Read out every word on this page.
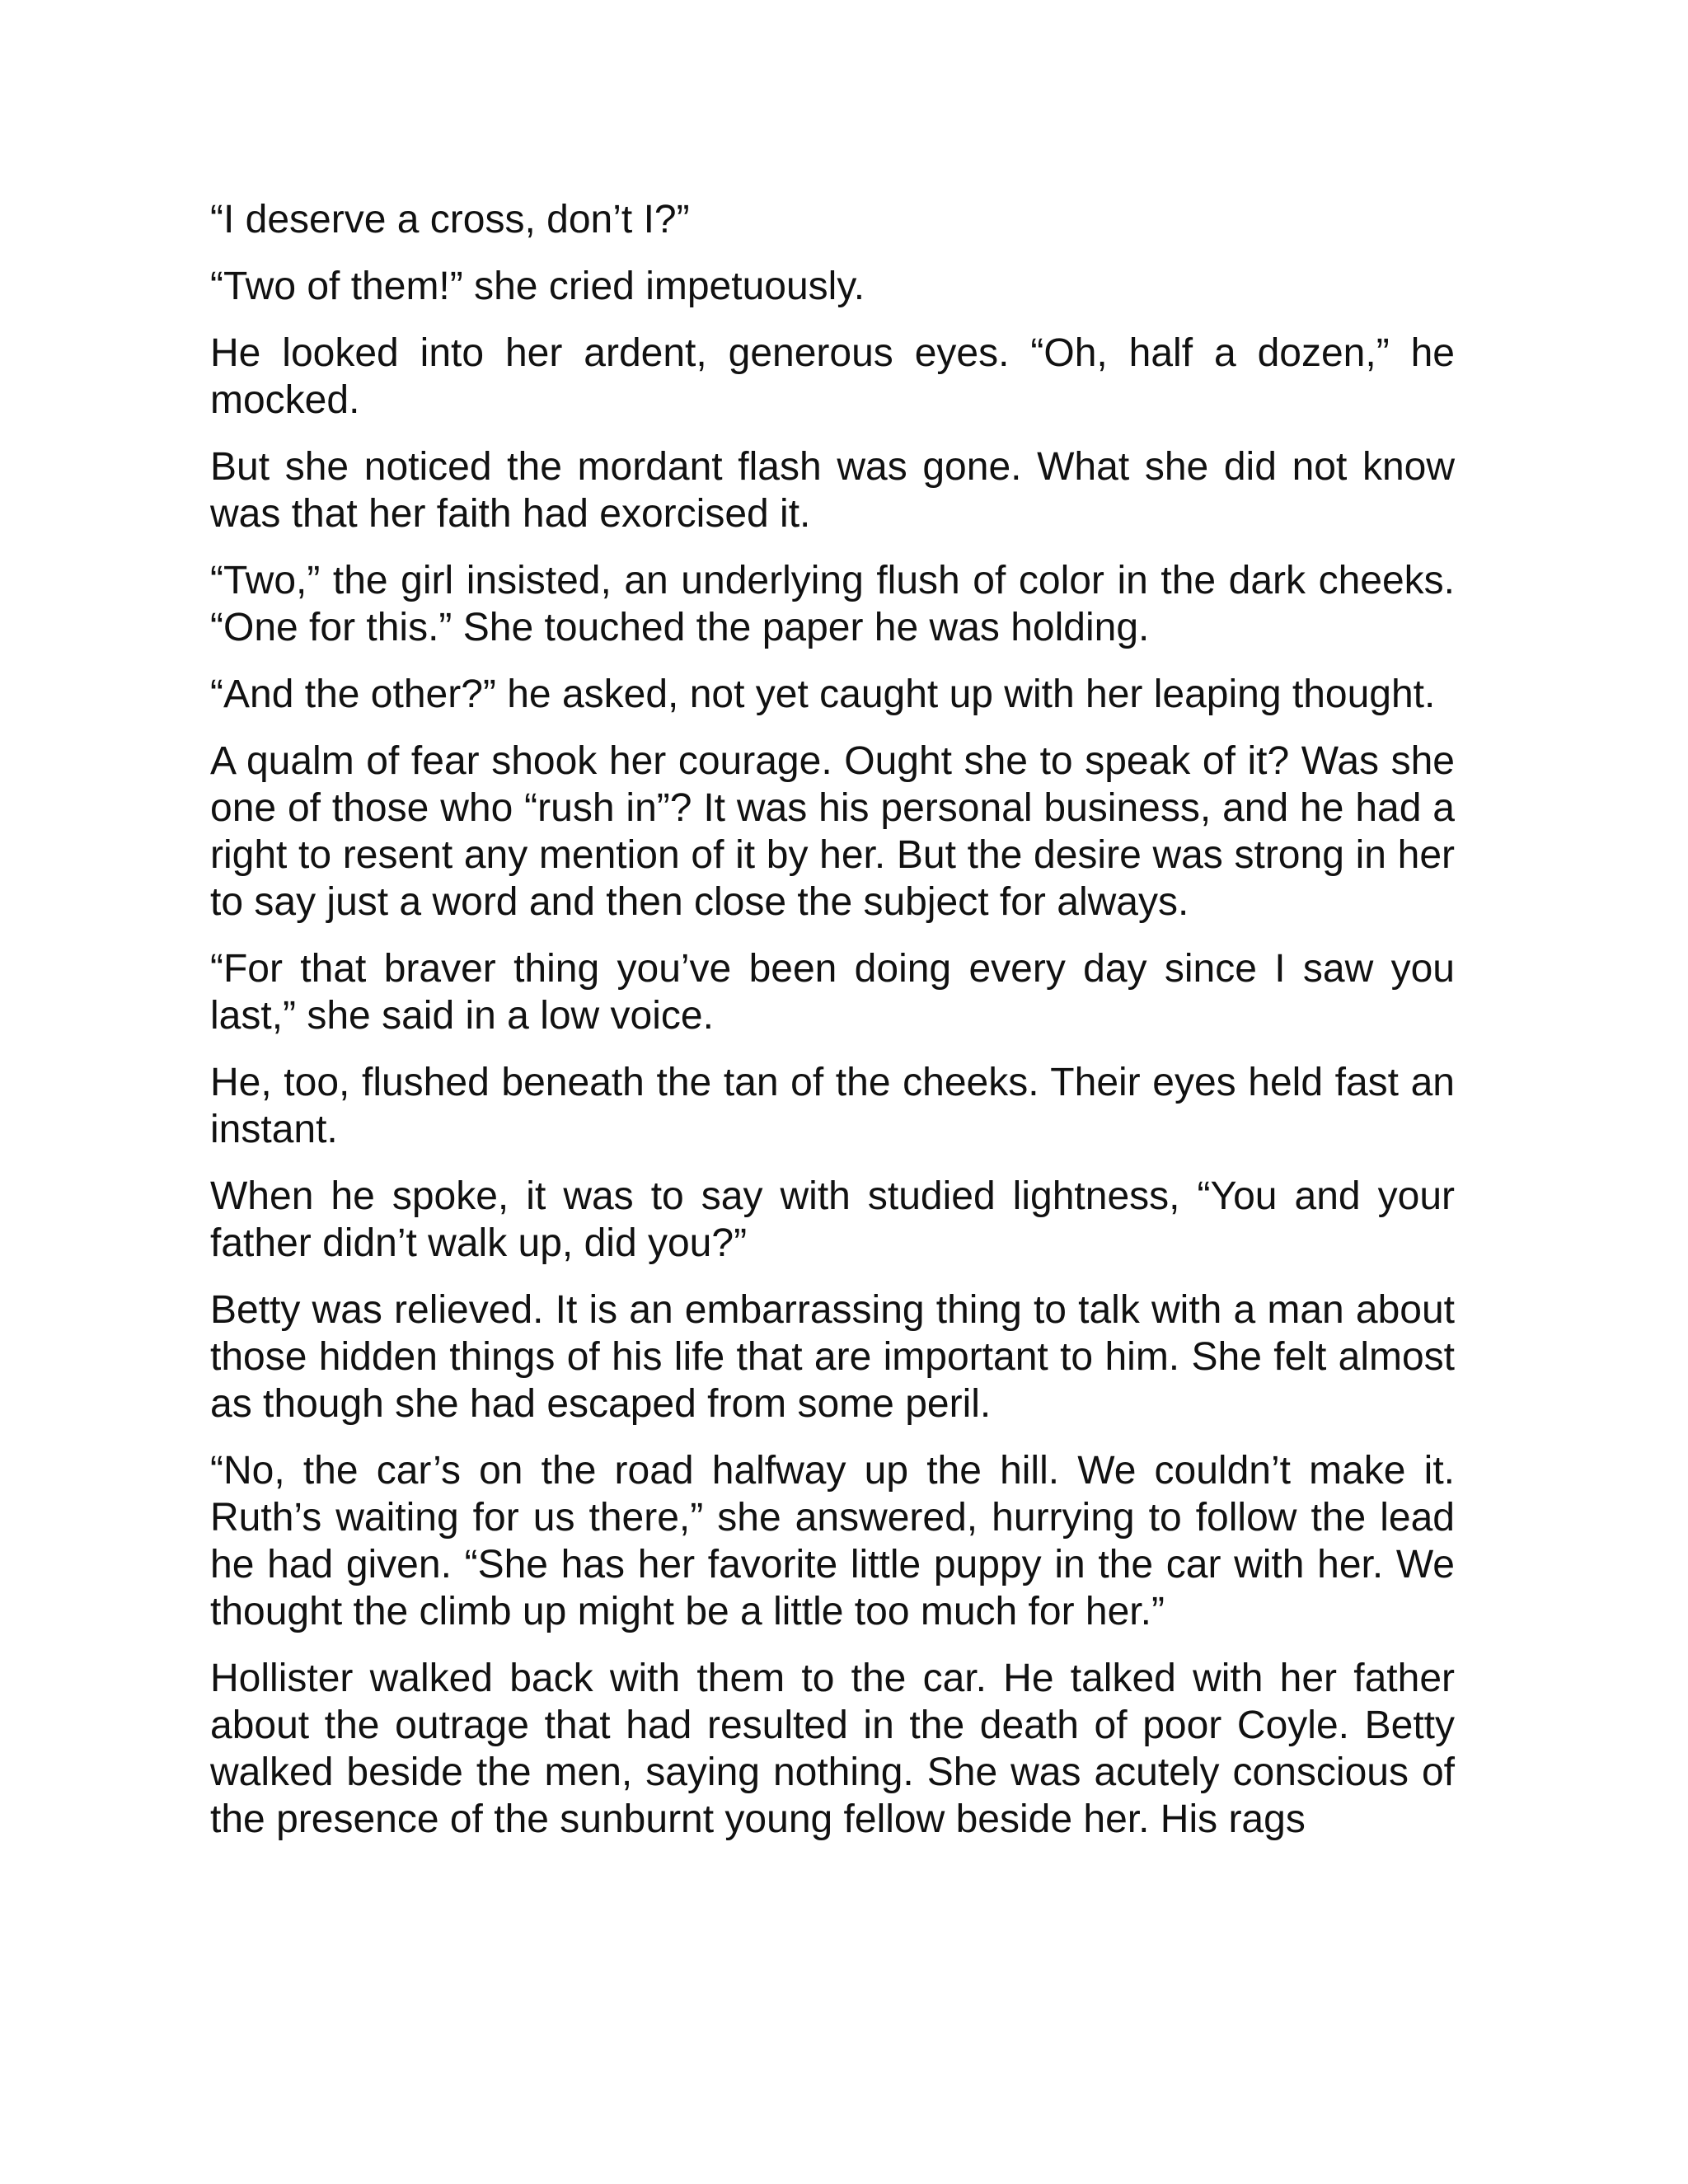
“I deserve a cross, don’t I?”

“Two of them!” she cried impetuously.

He looked into her ardent, generous eyes. “Oh, half a dozen,” he mocked.

But she noticed the mordant flash was gone. What she did not know was that her faith had exorcised it.

“Two,” the girl insisted, an underlying flush of color in the dark cheeks. “One for this.” She touched the paper he was holding.

“And the other?” he asked, not yet caught up with her leaping thought.

A qualm of fear shook her courage. Ought she to speak of it? Was she one of those who “rush in”? It was his personal business, and he had a right to resent any mention of it by her. But the desire was strong in her to say just a word and then close the subject for always.

“For that braver thing you’ve been doing every day since I saw you last,” she said in a low voice.

He, too, flushed beneath the tan of the cheeks. Their eyes held fast an instant.

When he spoke, it was to say with studied lightness, “You and your father didn’t walk up, did you?”

Betty was relieved. It is an embarrassing thing to talk with a man about those hidden things of his life that are important to him. She felt almost as though she had escaped from some peril.

“No, the car’s on the road halfway up the hill. We couldn’t make it. Ruth’s waiting for us there,” she answered, hurrying to follow the lead he had given. “She has her favorite little puppy in the car with her. We thought the climb up might be a little too much for her.”

Hollister walked back with them to the car. He talked with her father about the outrage that had resulted in the death of poor Coyle. Betty walked beside the men, saying nothing. She was acutely conscious of the presence of the sunburnt young fellow beside her. His rags
